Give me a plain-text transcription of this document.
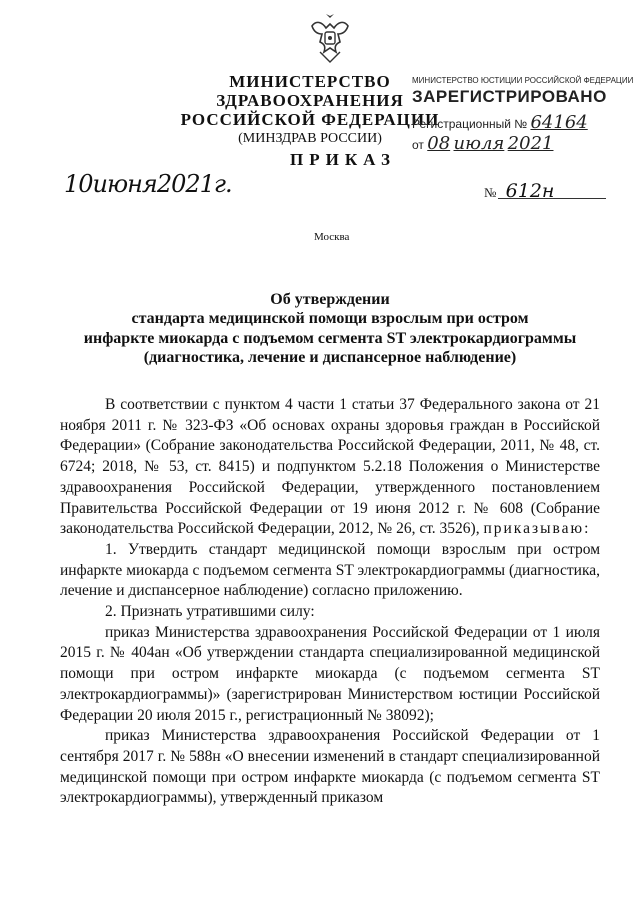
МИНИСТЕРСТВО ЗДРАВООХРАНЕНИЯ
РОССИЙСКОЙ ФЕДЕРАЦИИ
(МИНЗДРАВ РОССИИ)
МИНИСТЕРСТВО ЮСТИЦИИ РОССИЙСКОЙ ФЕДЕРАЦИИ
ЗАРЕГИСТРИРОВАНО
Регистрационный № 64164
от 08 июля 2021
ПРИКАЗ
10июня2021г.	№ 612н
Москва
Об утверждении
стандарта медицинской помощи взрослым при остром
инфаркте миокарда с подъемом сегмента ST электрокардиограммы
(диагностика, лечение и диспансерное наблюдение)

В соответствии с пунктом 4 части 1 статьи 37 Федерального закона от 21 ноября 2011 г. № 323-ФЗ «Об основах охраны здоровья граждан в Российской Федерации» (Собрание законодательства Российской Федерации, 2011, № 48, ст. 6724; 2018, № 53, ст. 8415) и подпунктом 5.2.18 Положения о Министерстве здравоохранения Российской Федерации, утвержденного постановлением Правительства Российской Федерации от 19 июня 2012 г. № 608 (Собрание законодательства Российской Федерации, 2012, № 26, ст. 3526), приказываю:

1. Утвердить стандарт медицинской помощи взрослым при остром инфаркте миокарда с подъемом сегмента ST электрокардиограммы (диагностика, лечение и диспансерное наблюдение) согласно приложению.

2. Признать утратившими силу:

приказ Министерства здравоохранения Российской Федерации от 1 июля 2015 г. № 404ан «Об утверждении стандарта специализированной медицинской помощи при остром инфаркте миокарда (с подъемом сегмента ST электрокардиограммы)» (зарегистрирован Министерством юстиции Российской Федерации 20 июля 2015 г., регистрационный № 38092);

приказ Министерства здравоохранения Российской Федерации от 1 сентября 2017 г. № 588н «О внесении изменений в стандарт специализированной медицинской помощи при остром инфаркте миокарда (с подъемом сегмента ST электрокардиограммы), утвержденный приказом
